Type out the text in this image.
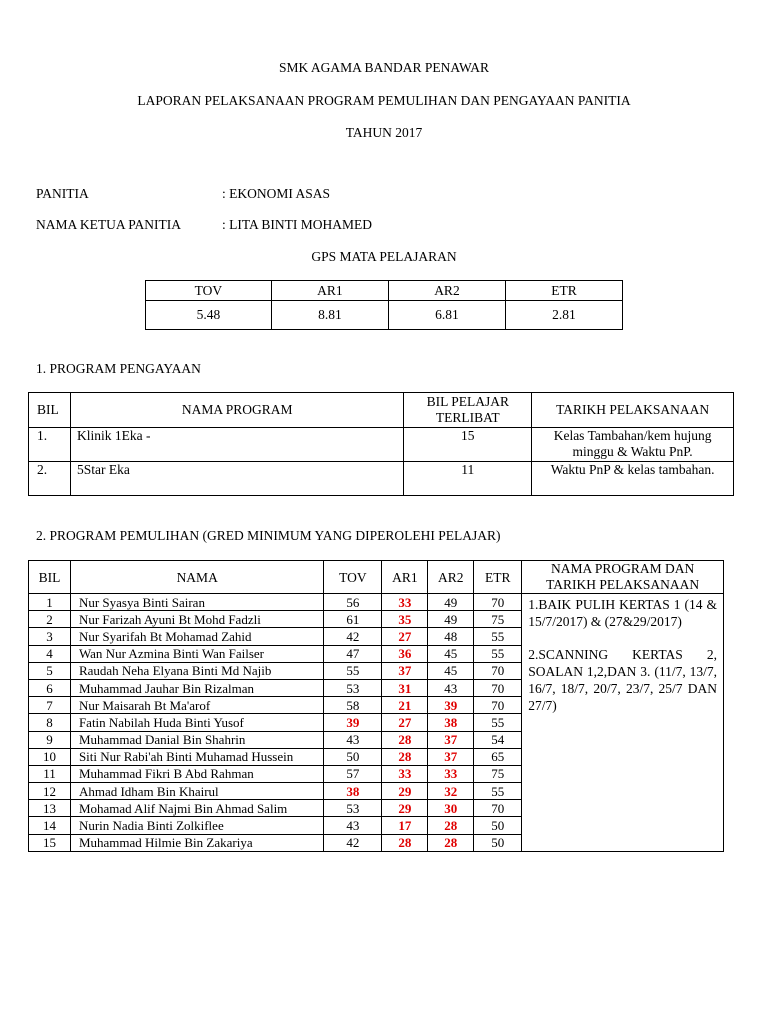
SMK AGAMA BANDAR PENAWAR
LAPORAN PELAKSANAAN PROGRAM PEMULIHAN DAN PENGAYAAN PANITIA
TAHUN 2017
PANITIA	: EKONOMI ASAS
NAMA KETUA PANITIA	: LITA BINTI MOHAMED
GPS MATA PELAJARAN
TOV	AR1	AR2	ETR
5.48	8.81	6.81	2.81
1. PROGRAM PENGAYAAN
BIL	NAMA PROGRAM	BIL PELAJAR TERLIBAT	TARIKH PELAKSANAAN
1.	Klinik 1Eka -	15	Kelas Tambahan/kem hujung minggu & Waktu PnP.
2.	5Star Eka	11	Waktu PnP & kelas tambahan.
2. PROGRAM PEMULIHAN (GRED MINIMUM YANG DIPEROLEHI PELAJAR)
BIL	NAMA	TOV	AR1	AR2	ETR	NAMA PROGRAM DAN TARIKH PELAKSANAAN
1	Nur Syasya Binti Sairan	56	33	49	70	1.BAIK PULIH KERTAS 1 (14 & 15/7/2017) & (27&29/2017)
2.SCANNING KERTAS 2, SOALAN 1,2,DAN 3. (11/7, 13/7, 16/7, 18/7, 20/7, 23/7, 25/7 DAN 27/7)

2	Nur Farizah Ayuni Bt Mohd Fadzli	61	35	49	75	
3	Nur Syarifah Bt Mohamad Zahid	42	27	48	55	
4	Wan Nur Azmina Binti Wan Failser	47	36	45	55	
5	Raudah Neha Elyana Binti Md Najib	55	37	45	70	
6	Muhammad Jauhar Bin Rizalman	53	31	43	70	
7	Nur Maisarah Bt Ma'arof	58	21	39	70	
8	Fatin Nabilah Huda Binti Yusof	39	27	38	55	
9	Muhammad Danial Bin Shahrin	43	28	37	54	
10	Siti Nur Rabi'ah Binti Muhamad Hussein	50	28	37	65	
11	Muhammad Fikri B Abd Rahman	57	33	33	75	
12	Ahmad Idham Bin Khairul	38	29	32	55	
13	Mohamad Alif Najmi Bin Ahmad Salim	53	29	30	70	
14	Nurin Nadia Binti Zolkiflee	43	17	28	50	
15	Muhammad Hilmie Bin Zakariya	42	28	28	50	
